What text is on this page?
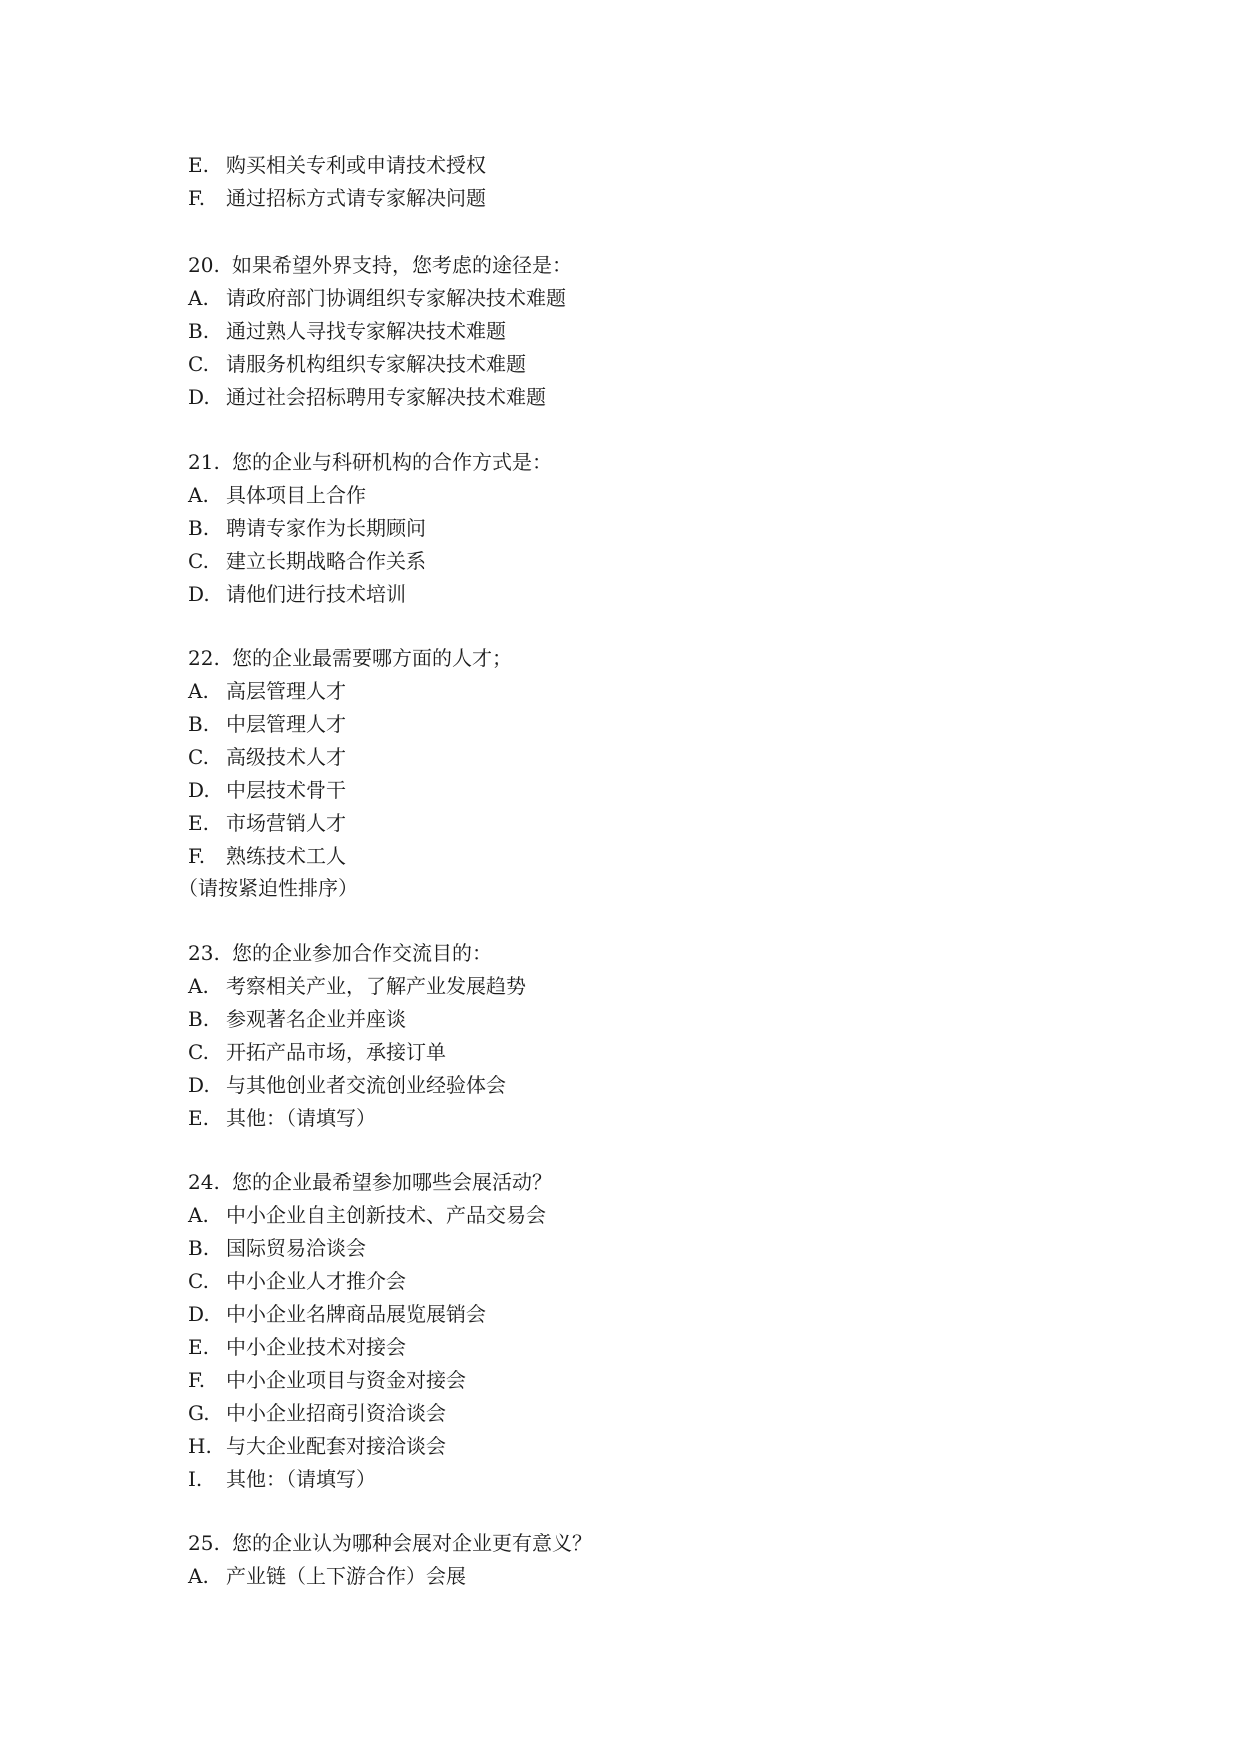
E. 购买相关专利或申请技术授权
F. 通过招标方式请专家解决问题
20. 如果希望外界支持，您考虑的途径是：
A. 请政府部门协调组织专家解决技术难题
B. 通过熟人寻找专家解决技术难题
C. 请服务机构组织专家解决技术难题
D. 通过社会招标聘用专家解决技术难题
21. 您的企业与科研机构的合作方式是：
A. 具体项目上合作
B. 聘请专家作为长期顾问
C. 建立长期战略合作关系
D. 请他们进行技术培训
22. 您的企业最需要哪方面的人才；
A. 高层管理人才
B. 中层管理人才
C. 高级技术人才
D. 中层技术骨干
E. 市场营销人才
F. 熟练技术工人
（请按紧迫性排序）
23. 您的企业参加合作交流目的：
A. 考察相关产业，了解产业发展趋势
B. 参观著名企业并座谈
C. 开拓产品市场，承接订单
D. 与其他创业者交流创业经验体会
E. 其他：（请填写）
24. 您的企业最希望参加哪些会展活动？
A. 中小企业自主创新技术、产品交易会
B. 国际贸易洽谈会
C. 中小企业人才推介会
D. 中小企业名牌商品展览展销会
E. 中小企业技术对接会
F. 中小企业项目与资金对接会
G. 中小企业招商引资洽谈会
H. 与大企业配套对接洽谈会
I. 其他：（请填写）
25. 您的企业认为哪种会展对企业更有意义？
A. 产业链（上下游合作）会展
